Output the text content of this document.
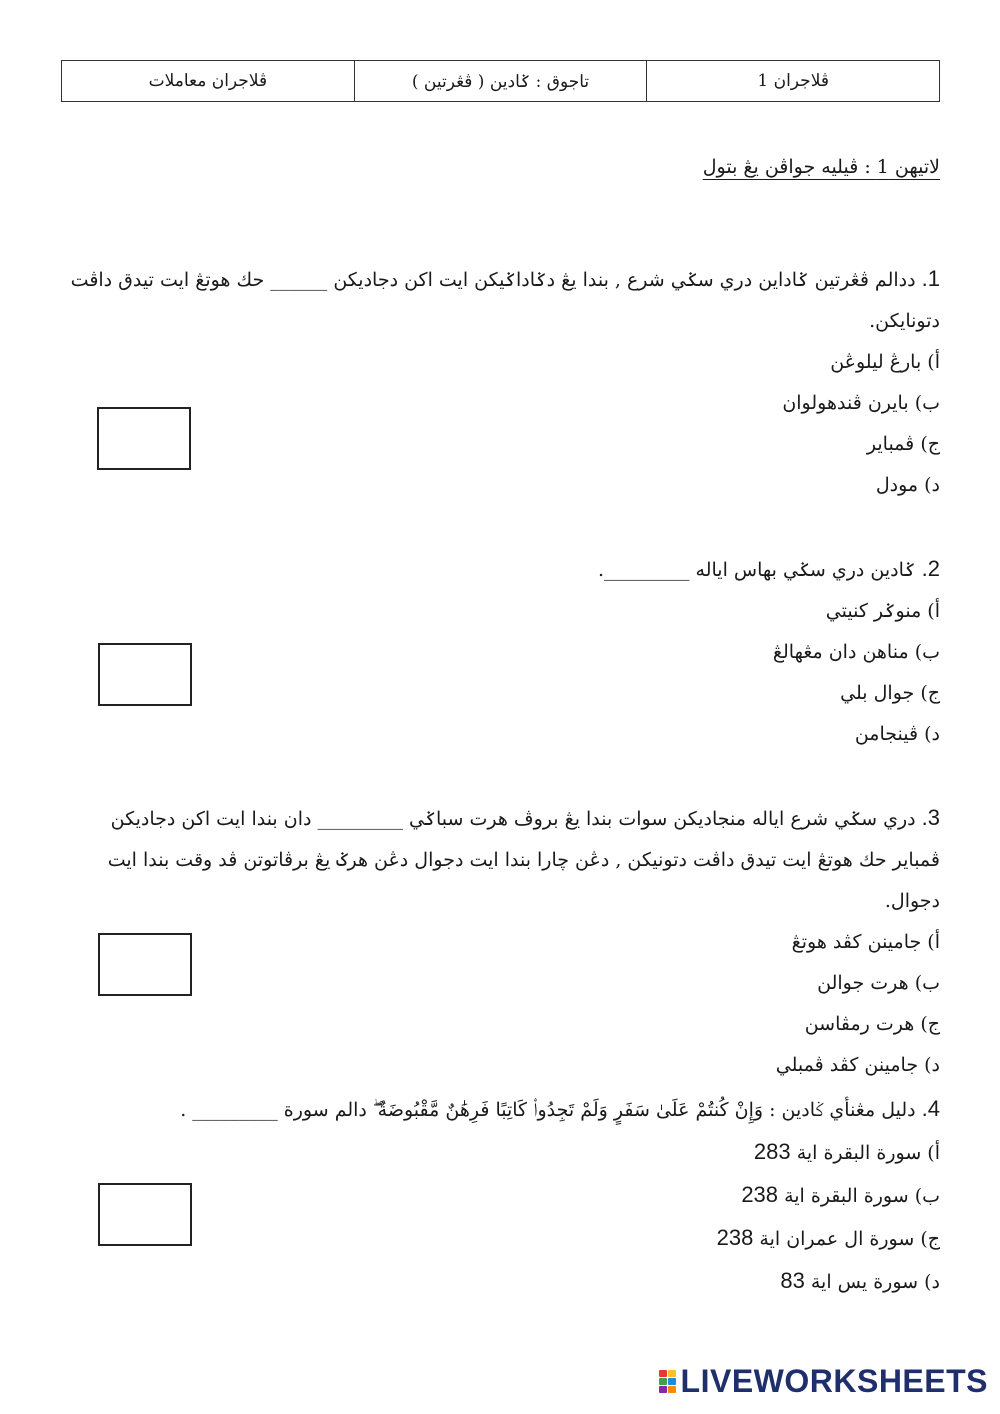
ڤلاجران 1	تاجوق : ݢادين ( ڤڠرتين )	ڤلاجران معاملات
لاتيهن 1 : ڤيليه جواڤن يڠ بتول

1. ددالم ڤڠرتين ݢاداين دري سݢي شرع , بندا يڠ دݢاداݢيكن ايت اکن دجاديکن ______ حك هوتڠ ايت تيدق داڤت دتونايكن.

أ) بارڠ ليلوڠن
ب) بايرن ڤندهولوان
ج) ڤمباير
د) مودل

2. ݢادين دري سݢي بهاس اياله _________.

أ) منوݢر كنيتي
ب) مناهن دان مڠهالڠ
ج) جوال بلي
د) ڤينجامن

3. دري سݢي شرع اياله منجاديکن سوات بندا يڠ بروڤ هرت سباݢي _________ دان بندا ايت اکن دجاديکن ڤمباير حك هوتڠ ايت تيدق داڤت دتونيكن , دڠن چارا بندا ايت دجوال دڠن هرݢ يڠ برڤاتوتن ڤد وقت بندا ايت دجوال.

أ) جامينن كڤد هوتڠ
ب) هرت جوالن
ج) هرت رمڤاسن
د) جامينن كڤد ڤمبلي

4. دليل مڠنأي ݢادين : وَإِنْ كُنتُمْ عَلَىٰ سَفَرٍ وَلَمْ تَجِدُوا۟ كَاتِبًا فَرِهَٰنٌ مَّقْبُوضَةٌ ۖ دالم سورة _________ .

أ) سورة البقرة اية 283
ب) سورة البقرة اية 238
ج) سورة ال عمران اية 238
د) سورة يس اية 83
LIVEWORKSHEETS
